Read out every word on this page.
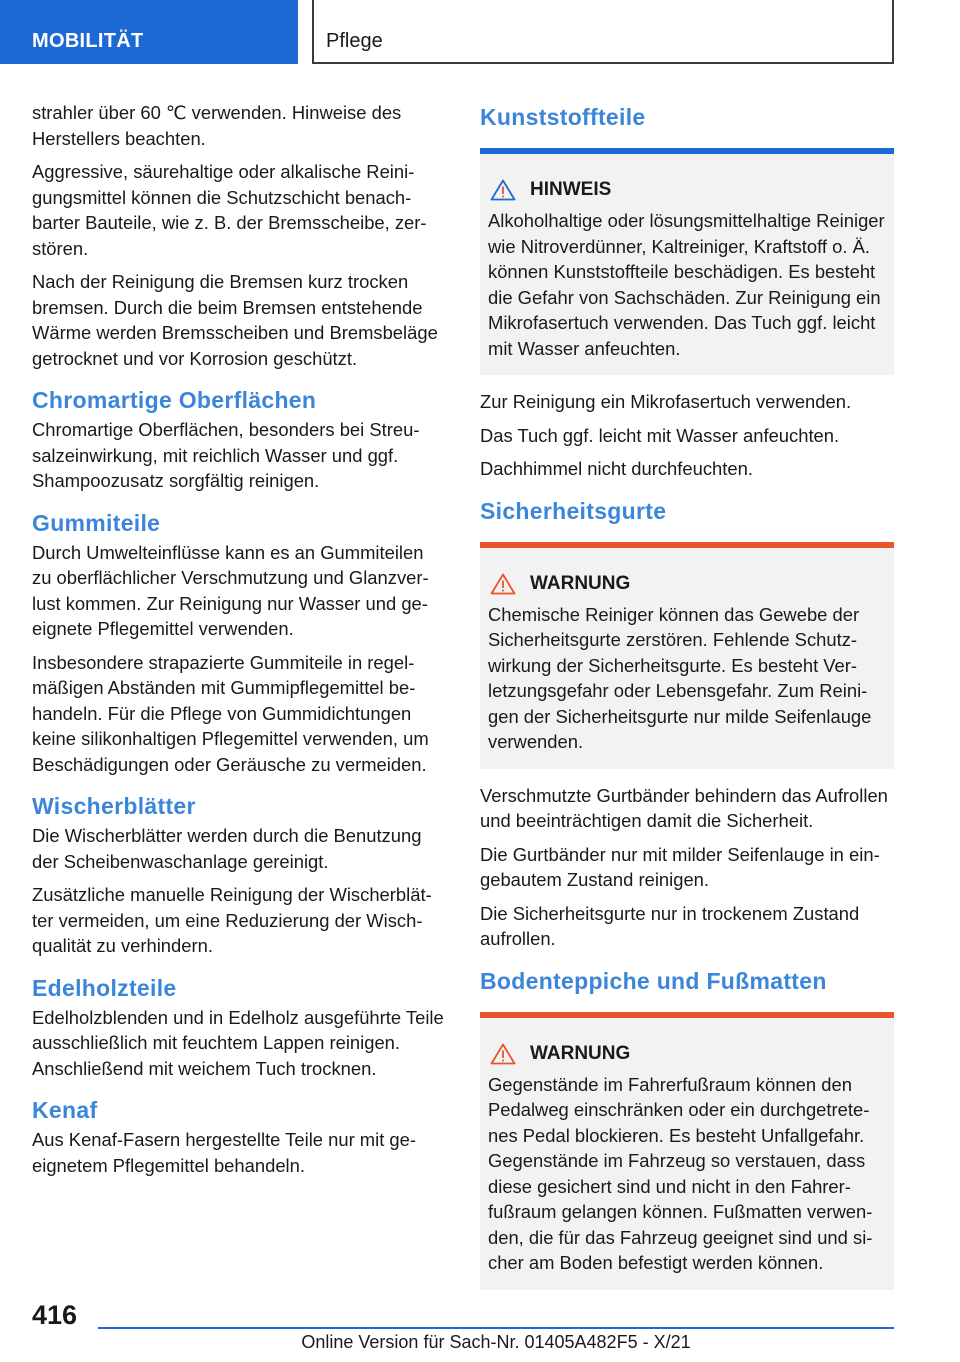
MOBILITÄT	Pflege

strahler über 60 ℃ verwenden. Hinweise des Herstellers beachten.

Aggressive, säurehaltige oder alkalische Reinigungsmittel können die Schutzschicht benachbarter Bauteile, wie z. B. der Bremsscheibe, zerstören.

Nach der Reinigung die Bremsen kurz trocken bremsen. Durch die beim Bremsen entstehende Wärme werden Bremsscheiben und Bremsbeläge getrocknet und vor Korrosion geschützt.

Chromartige Oberflächen

Chromartige Oberflächen, besonders bei Streusalzeinwirkung, mit reichlich Wasser und ggf. Shampoozusatz sorgfältig reinigen.

Gummiteile

Durch Umwelteinflüsse kann es an Gummiteilen zu oberflächlicher Verschmutzung und Glanzverlust kommen. Zur Reinigung nur Wasser und geeignete Pflegemittel verwenden.

Insbesondere strapazierte Gummiteile in regelmäßigen Abständen mit Gummipflegemittel behandeln. Für die Pflege von Gummidichtungen keine silikonhaltigen Pflegemittel verwenden, um Beschädigungen oder Geräusche zu vermeiden.

Wischerblätter

Die Wischerblätter werden durch die Benutzung der Scheibenwaschanlage gereinigt.

Zusätzliche manuelle Reinigung der Wischerblätter vermeiden, um eine Reduzierung der Wischqualität zu verhindern.

Edelholzteile

Edelholzblenden und in Edelholz ausgeführte Teile ausschließlich mit feuchtem Lappen reinigen. Anschließend mit weichem Tuch trocknen.

Kenaf

Aus Kenaf-Fasern hergestellte Teile nur mit geeignetem Pflegemittel behandeln.

Kunststoffteile
HINWEIS

Alkoholhaltige oder lösungsmittelhaltige Reiniger wie Nitroverdünner, Kaltreiniger, Kraftstoff o. Ä. können Kunststoffteile beschädigen. Es besteht die Gefahr von Sachschäden. Zur Reinigung ein Mikrofasertuch verwenden. Das Tuch ggf. leicht mit Wasser anfeuchten.

Zur Reinigung ein Mikrofasertuch verwenden.

Das Tuch ggf. leicht mit Wasser anfeuchten.

Dachhimmel nicht durchfeuchten.

Sicherheitsgurte
WARNUNG

Chemische Reiniger können das Gewebe der Sicherheitsgurte zerstören. Fehlende Schutzwirkung der Sicherheitsgurte. Es besteht Verletzungsgefahr oder Lebensgefahr. Zum Reinigen der Sicherheitsgurte nur milde Seifenlauge verwenden.

Verschmutzte Gurtbänder behindern das Aufrollen und beeinträchtigen damit die Sicherheit.

Die Gurtbänder nur mit milder Seifenlauge in eingebautem Zustand reinigen.

Die Sicherheitsgurte nur in trockenem Zustand aufrollen.

Bodenteppiche und Fußmatten
WARNUNG

Gegenstände im Fahrerfußraum können den Pedalweg einschränken oder ein durchgetretenes Pedal blockieren. Es besteht Unfallgefahr. Gegenstände im Fahrzeug so verstauen, dass diese gesichert sind und nicht in den Fahrerfußraum gelangen können. Fußmatten verwenden, die für das Fahrzeug geeignet sind und sicher am Boden befestigt werden können.

416
Online Version für Sach-Nr. 01405A482F5 - X/21
